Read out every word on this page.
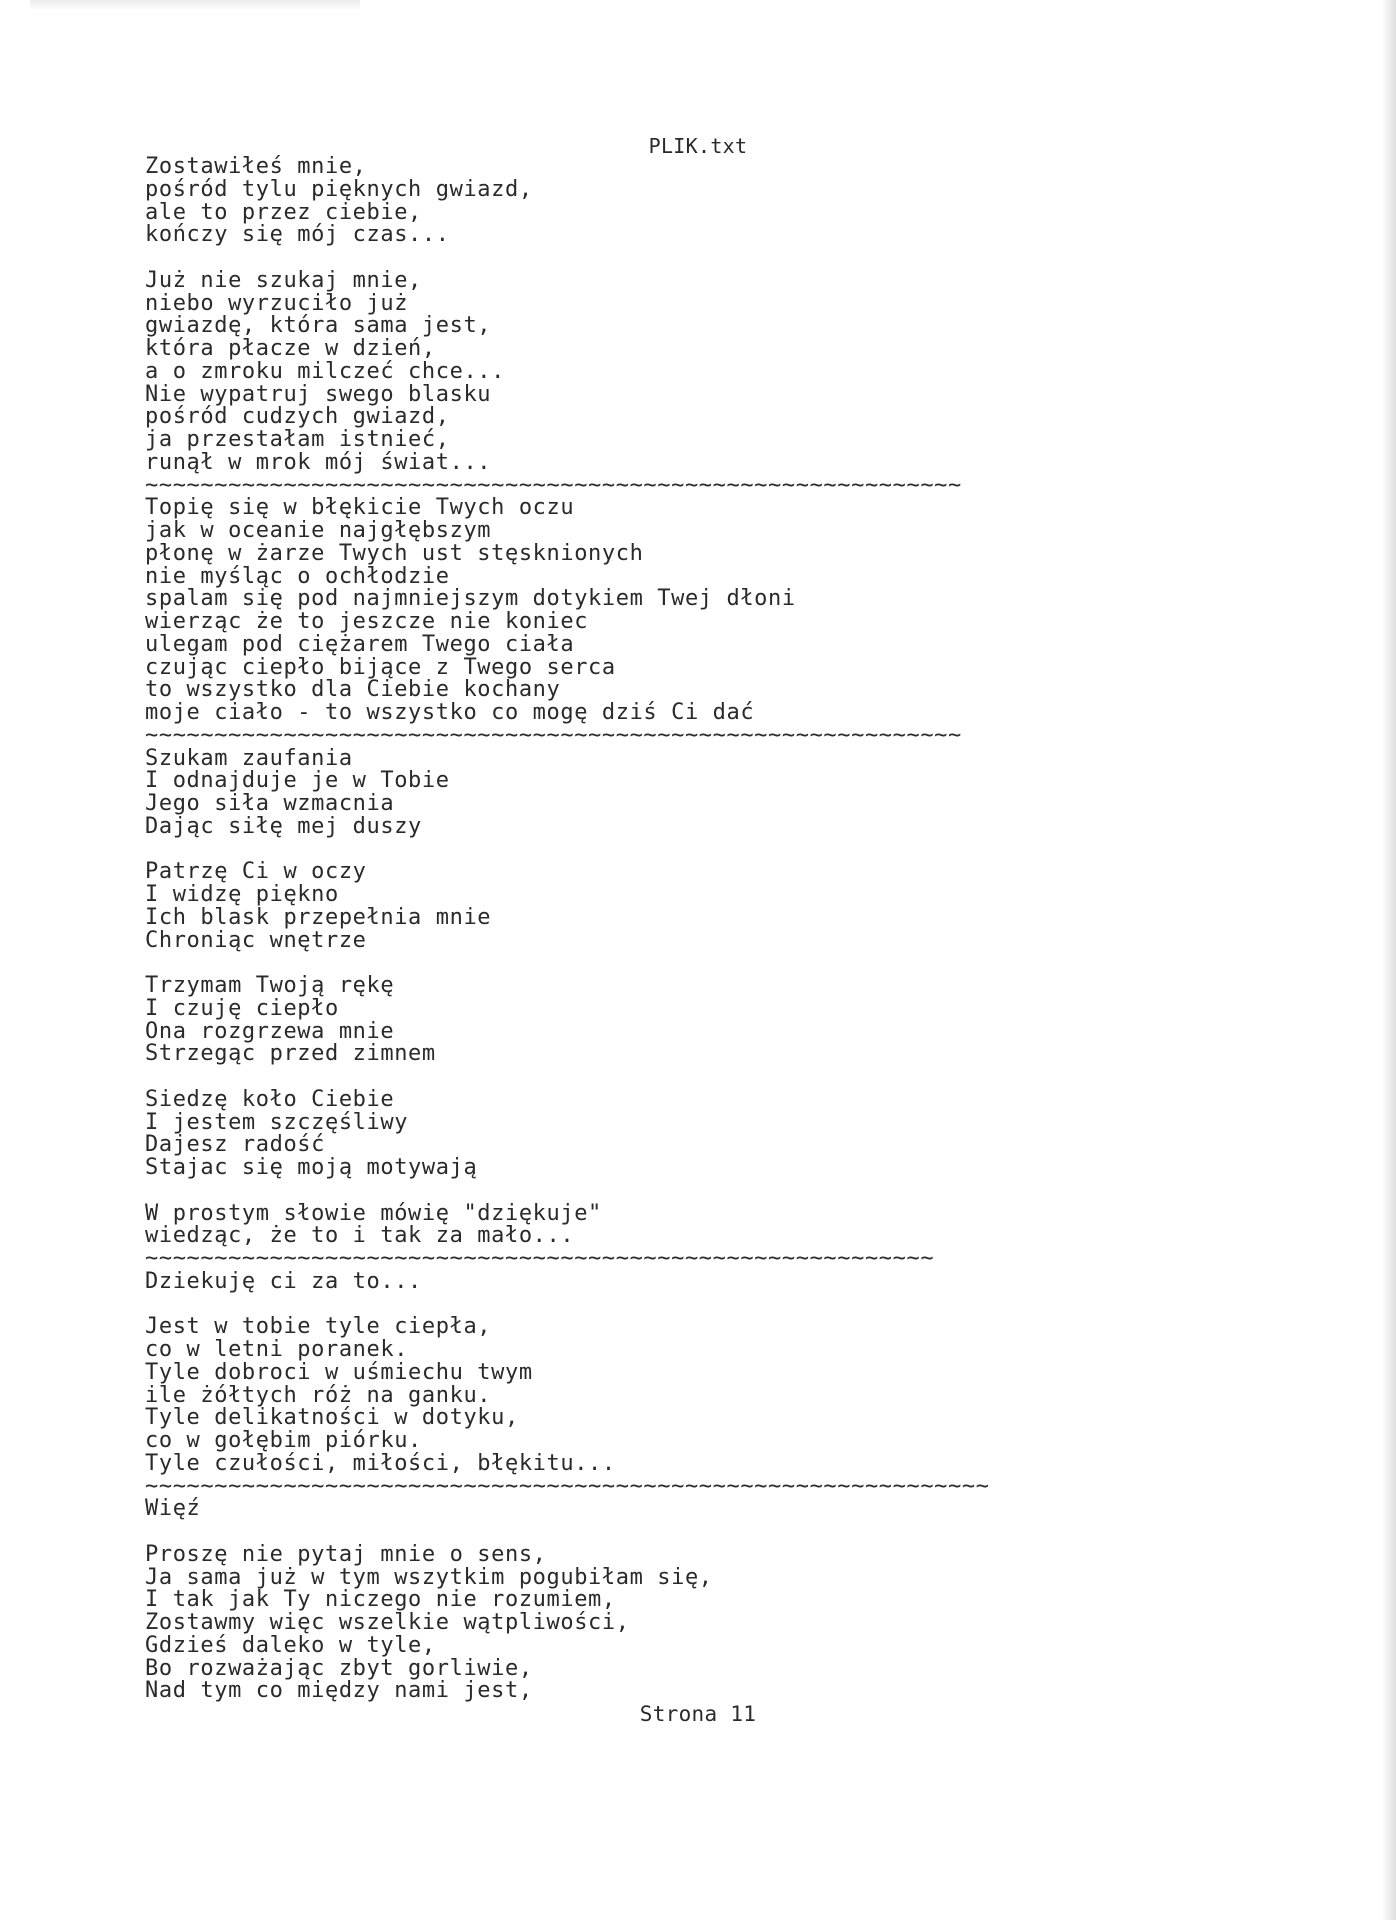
PLIK.txt
Zostawiłeś mnie,
pośród tylu pięknych gwiazd,
ale to przez ciebie,
kończy się mój czas...
Już nie szukaj mnie,
niebo wyrzuciło już
gwiazdę, która sama jest,
która płacze w dzień,
a o zmroku milczeć chce...
Nie wypatruj swego blasku
pośród cudzych gwiazd,
ja przestałam istnieć,
runął w mrok mój świat...
~~~~~~~~~~~~~~~~~~~~~~~~~~~~~~~~~~~~~~~~~~~~~~~~~~~~~~~~~~~
Topię się w błękicie Twych oczu
jak w oceanie najgłębszym
płonę w żarze Twych ust stęsknionych
nie myśląc o ochłodzie
spalam się pod najmniejszym dotykiem Twej dłoni
wierząc że to jeszcze nie koniec
ulegam pod ciężarem Twego ciała
czując ciepło bijące z Twego serca
to wszystko dla Ciebie kochany
moje ciało - to wszystko co mogę dziś Ci dać
~~~~~~~~~~~~~~~~~~~~~~~~~~~~~~~~~~~~~~~~~~~~~~~~~~~~~~~~~~~
Szukam zaufania
I odnajduje je w Tobie
Jego siła wzmacnia
Dając siłę mej duszy
Patrzę Ci w oczy
I widzę piękno
Ich blask przepełnia mnie
Chroniąc wnętrze
Trzymam Twoją rękę
I czuję ciepło
Ona rozgrzewa mnie
Strzegąc przed zimnem
Siedzę koło Ciebie
I jestem szczęśliwy
Dajesz radość
Stajac się moją motywają
W prostym słowie mówię "dziękuje"
wiedząc, że to i tak za mało...
~~~~~~~~~~~~~~~~~~~~~~~~~~~~~~~~~~~~~~~~~~~~~~~~~~~~~~~~~
Dziekuję ci za to...
Jest w tobie tyle ciepła,
co w letni poranek.
Tyle dobroci w uśmiechu twym
ile żółtych róż na ganku.
Tyle delikatności w dotyku,
co w gołębim piórku.
Tyle czułości, miłości, błękitu...
~~~~~~~~~~~~~~~~~~~~~~~~~~~~~~~~~~~~~~~~~~~~~~~~~~~~~~~~~~~~~
Więź
Proszę nie pytaj mnie o sens,
Ja sama już w tym wszytkim pogubiłam się,
I tak jak Ty niczego nie rozumiem,
Zostawmy więc wszelkie wątpliwości,
Gdzieś daleko w tyle,
Bo rozważając zbyt gorliwie,
Nad tym co między nami jest,
Strona 11
